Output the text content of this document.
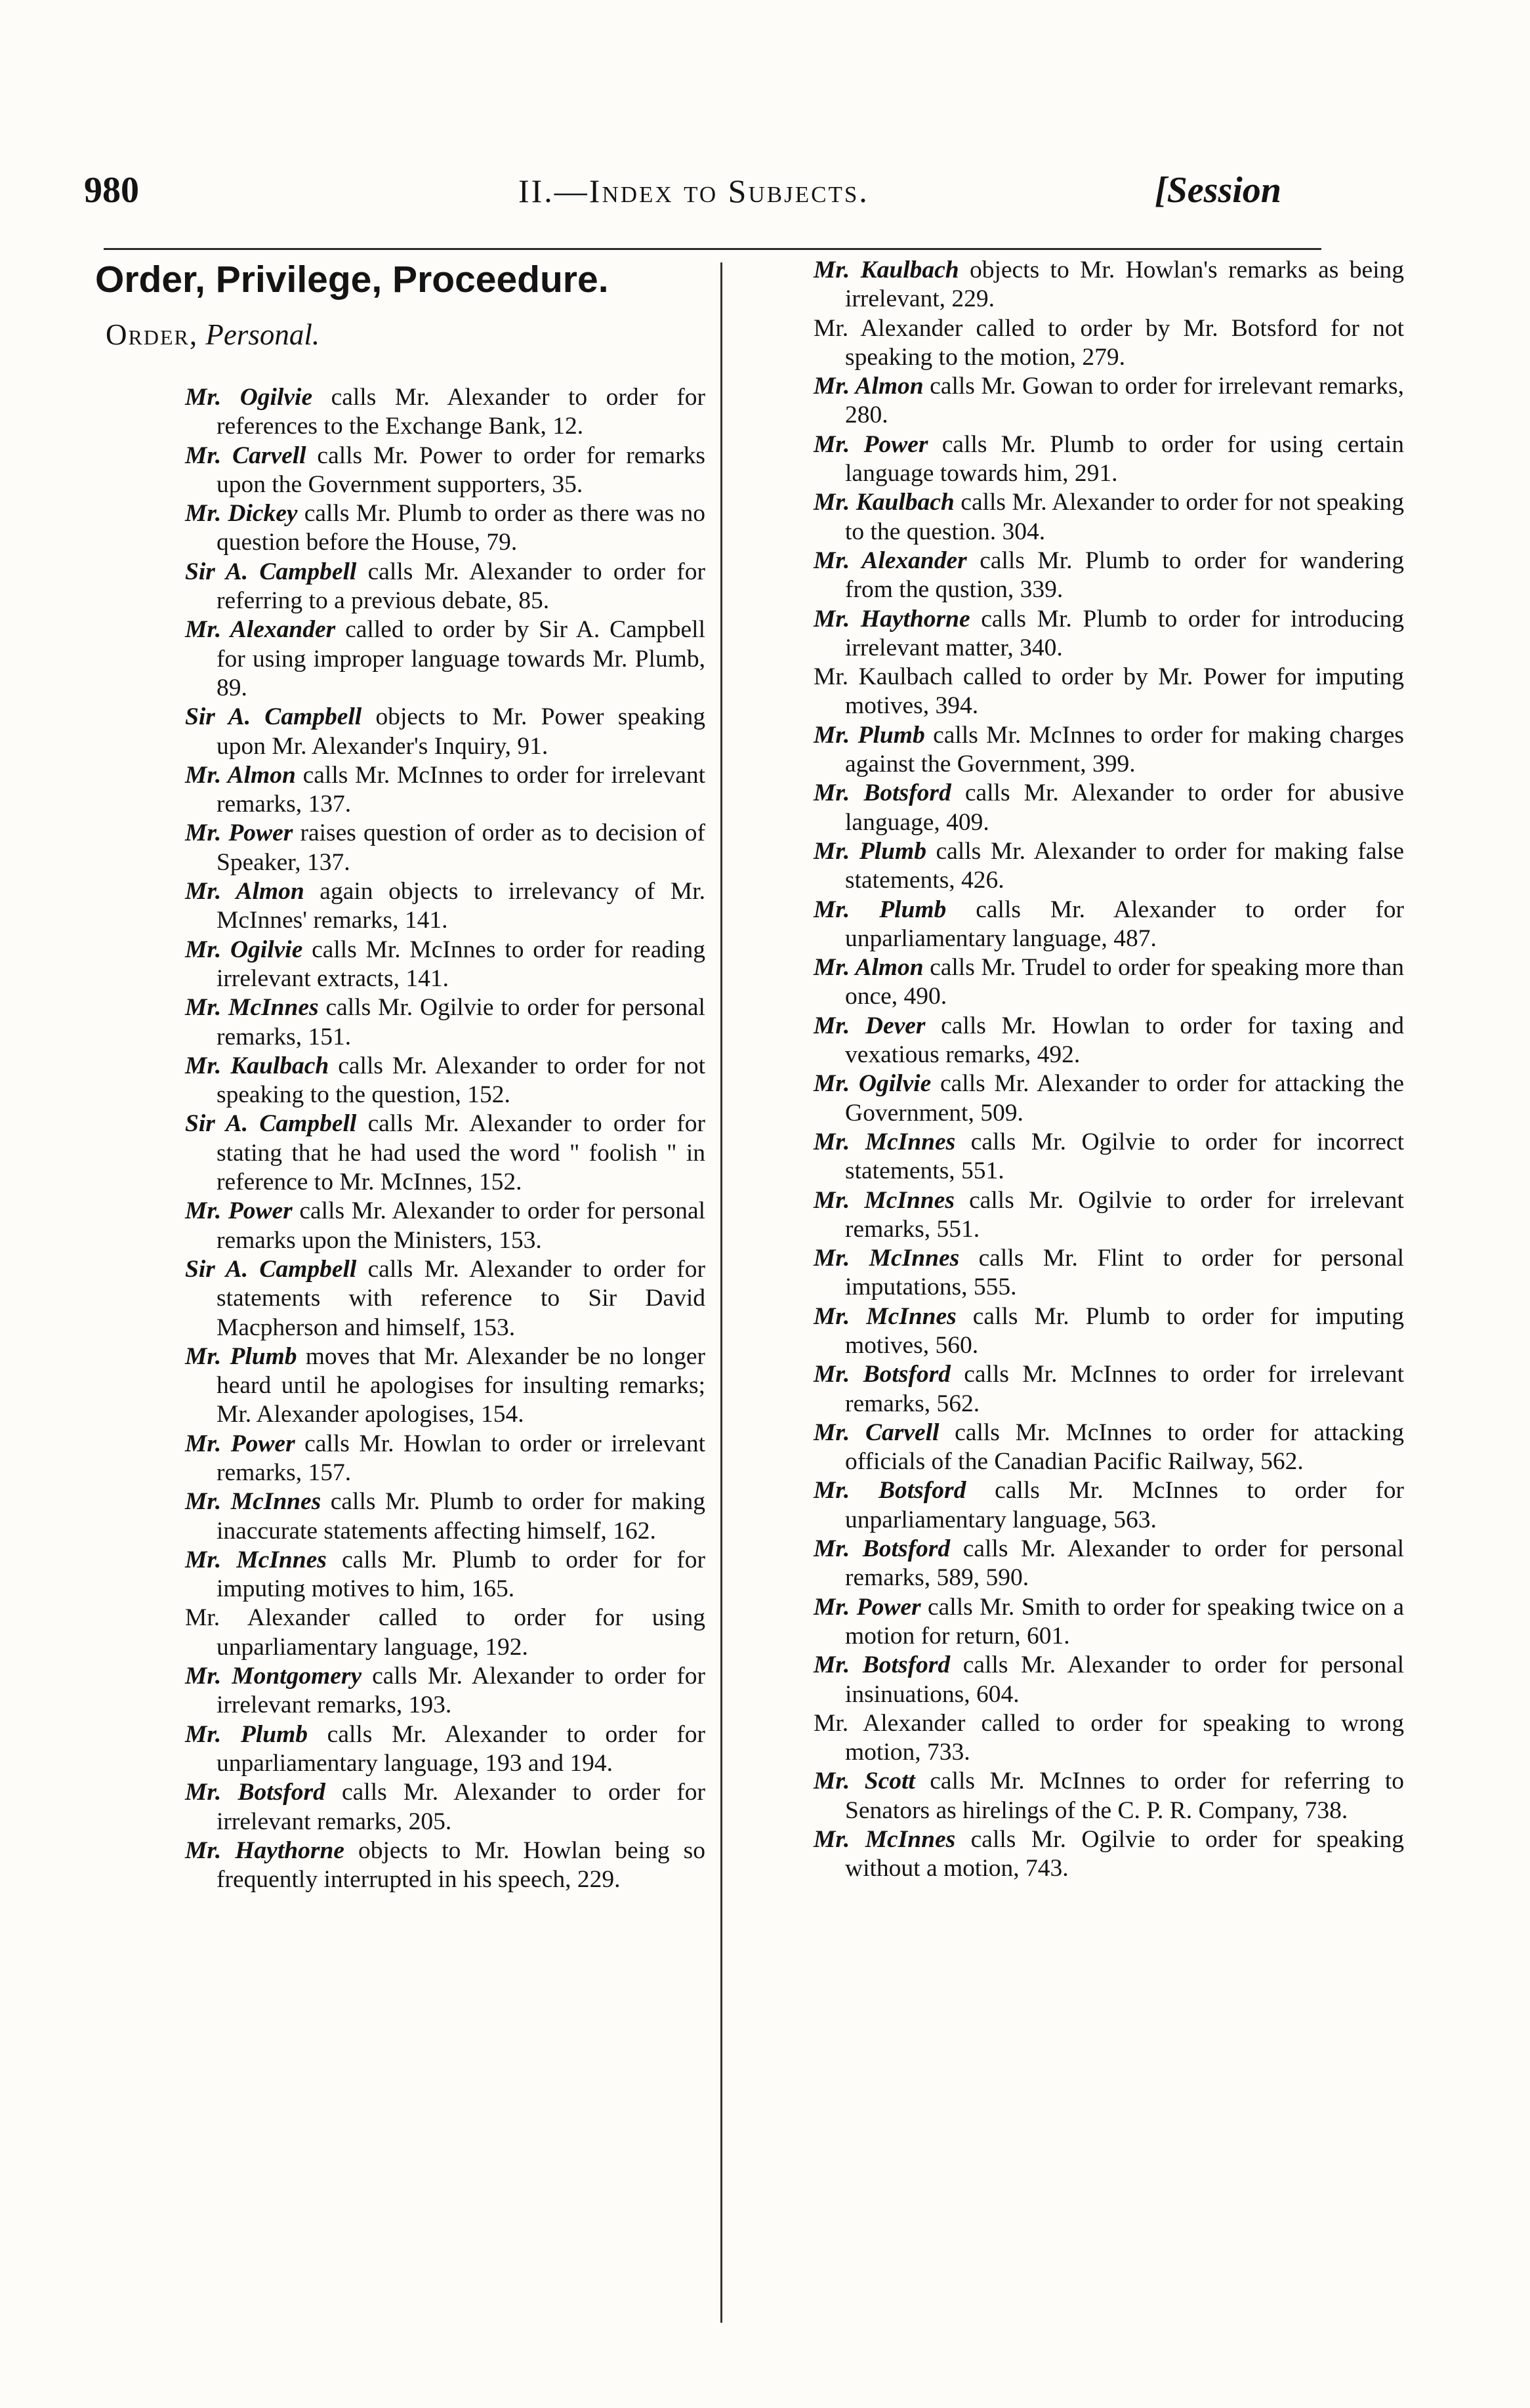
980	II.—Index to Subjects.	[Session
Order, Privilege, Proceedure.
Order, Personal.
Mr. Ogilvie calls Mr. Alexander to order for references to the Exchange Bank, 12.
Mr. Carvell calls Mr. Power to order for remarks upon the Government supporters, 35.
Mr. Dickey calls Mr. Plumb to order as there was no question before the House, 79.
Sir A. Campbell calls Mr. Alexander to order for referring to a previous debate, 85.
Mr. Alexander called to order by Sir A. Campbell for using improper language towards Mr. Plumb, 89.
Sir A. Campbell objects to Mr. Power speaking upon Mr. Alexander's Inquiry, 91.
Mr. Almon calls Mr. McInnes to order for irrelevant remarks, 137.
Mr. Power raises question of order as to decision of Speaker, 137.
Mr. Almon again objects to irrelevancy of Mr. McInnes' remarks, 141.
Mr. Ogilvie calls Mr. McInnes to order for reading irrelevant extracts, 141.
Mr. McInnes calls Mr. Ogilvie to order for personal remarks, 151.
Mr. Kaulbach calls Mr. Alexander to order for not speaking to the question, 152.
Sir A. Campbell calls Mr. Alexander to order for stating that he had used the word " foolish " in reference to Mr. McInnes, 152.
Mr. Power calls Mr. Alexander to order for personal remarks upon the Ministers, 153.
Sir A. Campbell calls Mr. Alexander to order for statements with reference to Sir David Macpherson and himself, 153.
Mr. Plumb moves that Mr. Alexander be no longer heard until he apologises for insulting remarks; Mr. Alexander apologises, 154.
Mr. Power calls Mr. Howlan to order or irrelevant remarks, 157.
Mr. McInnes calls Mr. Plumb to order for making inaccurate statements affecting himself, 162.
Mr. McInnes calls Mr. Plumb to order for for imputing motives to him, 165.
Mr. Alexander called to order for using unparliamentary language, 192.
Mr. Montgomery calls Mr. Alexander to order for irrelevant remarks, 193.
Mr. Plumb calls Mr. Alexander to order for unparliamentary language, 193 and 194.
Mr. Botsford calls Mr. Alexander to order for irrelevant remarks, 205.
Mr. Haythorne objects to Mr. Howlan being so frequently interrupted in his speech, 229.
Mr. Kaulbach objects to Mr. Howlan's remarks as being irrelevant, 229.
Mr. Alexander called to order by Mr. Botsford for not speaking to the motion, 279.
Mr. Almon calls Mr. Gowan to order for irrelevant remarks, 280.
Mr. Power calls Mr. Plumb to order for using certain language towards him, 291.
Mr. Kaulbach calls Mr. Alexander to order for not speaking to the question. 304.
Mr. Alexander calls Mr. Plumb to order for wandering from the qustion, 339.
Mr. Haythorne calls Mr. Plumb to order for introducing irrelevant matter, 340.
Mr. Kaulbach called to order by Mr. Power for imputing motives, 394.
Mr. Plumb calls Mr. McInnes to order for making charges against the Government, 399.
Mr. Botsford calls Mr. Alexander to order for abusive language, 409.
Mr. Plumb calls Mr. Alexander to order for making false statements, 426.
Mr. Plumb calls Mr. Alexander to order for unparliamentary language, 487.
Mr. Almon calls Mr. Trudel to order for speaking more than once, 490.
Mr. Dever calls Mr. Howlan to order for taxing and vexatious remarks, 492.
Mr. Ogilvie calls Mr. Alexander to order for attacking the Government, 509.
Mr. McInnes calls Mr. Ogilvie to order for incorrect statements, 551.
Mr. McInnes calls Mr. Ogilvie to order for irrelevant remarks, 551.
Mr. McInnes calls Mr. Flint to order for personal imputations, 555.
Mr. McInnes calls Mr. Plumb to order for imputing motives, 560.
Mr. Botsford calls Mr. McInnes to order for irrelevant remarks, 562.
Mr. Carvell calls Mr. McInnes to order for attacking officials of the Canadian Pacific Railway, 562.
Mr. Botsford calls Mr. McInnes to order for unparliamentary language, 563.
Mr. Botsford calls Mr. Alexander to order for personal remarks, 589, 590.
Mr. Power calls Mr. Smith to order for speaking twice on a motion for return, 601.
Mr. Botsford calls Mr. Alexander to order for personal insinuations, 604.
Mr. Alexander called to order for speaking to wrong motion, 733.
Mr. Scott calls Mr. McInnes to order for referring to Senators as hirelings of the C. P. R. Company, 738.
Mr. McInnes calls Mr. Ogilvie to order for speaking without a motion, 743.
